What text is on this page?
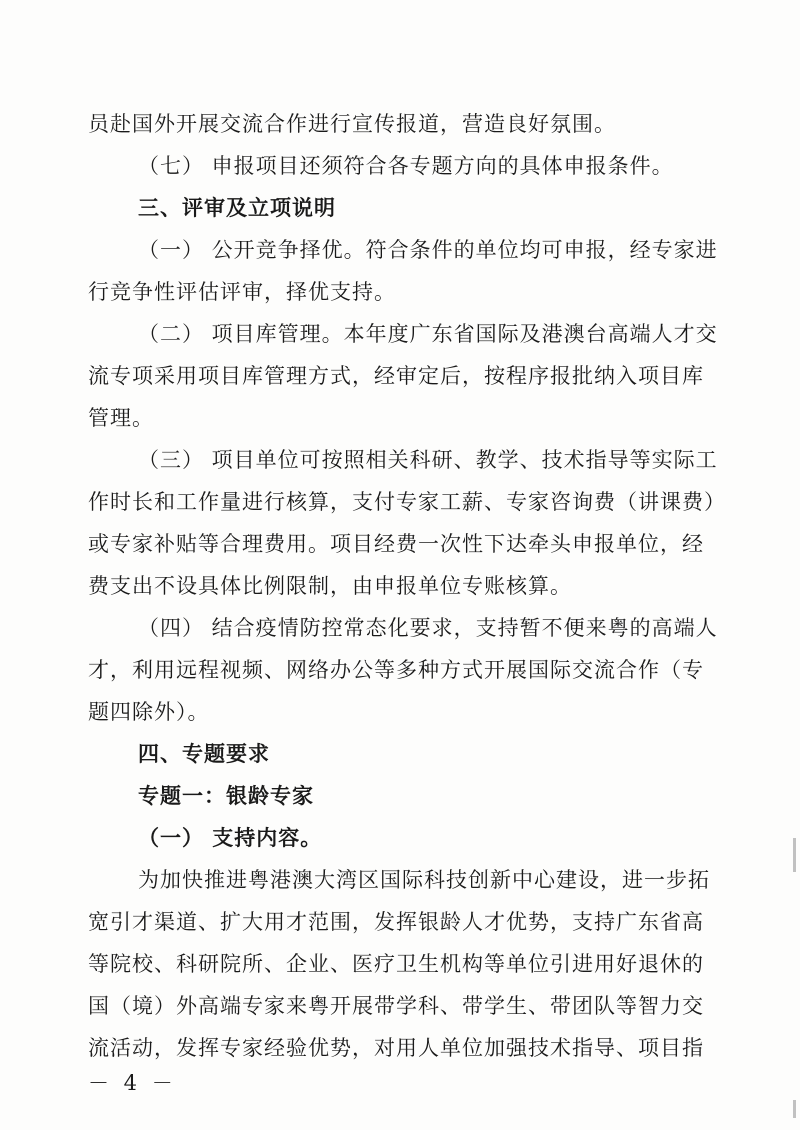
员赴国外开展交流合作进行宣传报道，营造良好氛围。
（七） 申报项目还须符合各专题方向的具体申报条件。
三、评审及立项说明
（一） 公开竞争择优。符合条件的单位均可申报，经专家进
行竞争性评估评审，择优支持。
（二） 项目库管理。本年度广东省国际及港澳台高端人才交
流专项采用项目库管理方式，经审定后，按程序报批纳入项目库
管理。
（三） 项目单位可按照相关科研、教学、技术指导等实际工
作时长和工作量进行核算，支付专家工薪、专家咨询费（讲课费）
或专家补贴等合理费用。项目经费一次性下达牵头申报单位，经
费支出不设具体比例限制，由申报单位专账核算。
（四） 结合疫情防控常态化要求，支持暂不便来粤的高端人
才，利用远程视频、网络办公等多种方式开展国际交流合作（专
题四除外）。
四、专题要求
专题一：银龄专家
（一） 支持内容。
为加快推进粤港澳大湾区国际科技创新中心建设，进一步拓
宽引才渠道、扩大用才范围，发挥银龄人才优势，支持广东省高
等院校、科研院所、企业、医疗卫生机构等单位引进用好退休的
国（境）外高端专家来粤开展带学科、带学生、带团队等智力交
流活动，发挥专家经验优势，对用人单位加强技术指导、项目指
－ 4 －
